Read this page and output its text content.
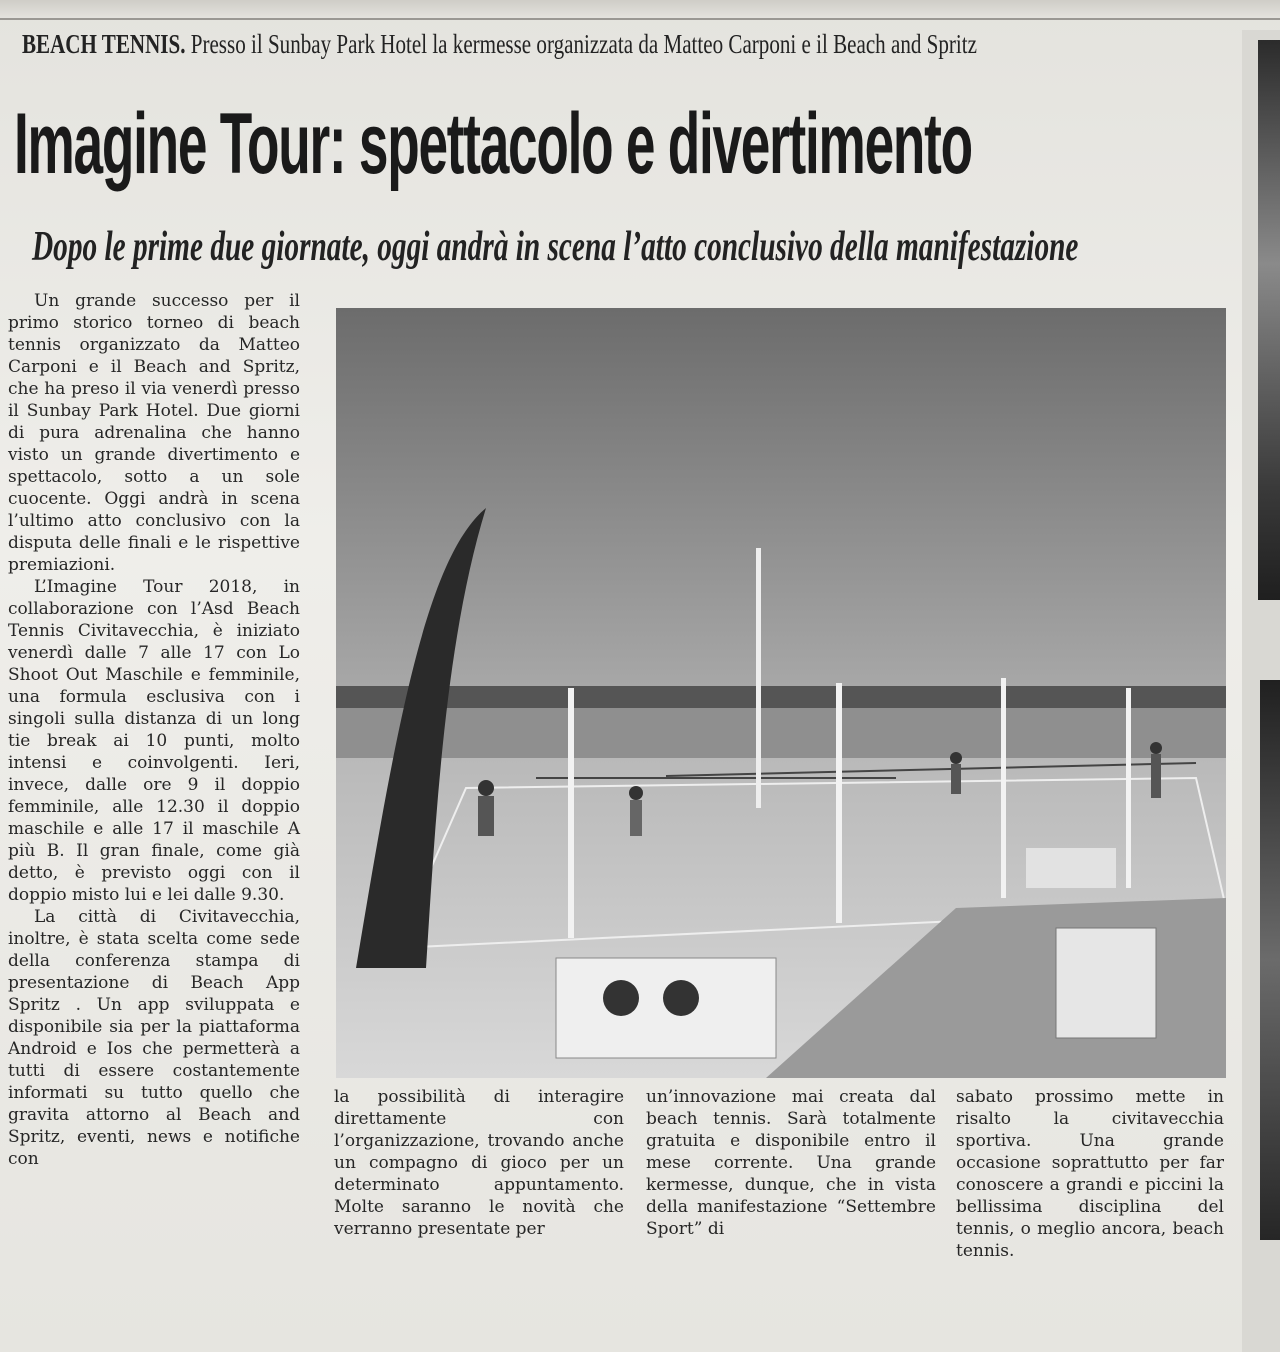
BEACH TENNIS. Presso il Sunbay Park Hotel la kermesse organizzata da Matteo Carponi e il Beach and Spritz
Imagine Tour: spettacolo e divertimento
Dopo le prime due giornate, oggi andrà in scena l’atto conclusivo della manifestazione

Un grande successo per il primo storico torneo di beach tennis organizzato da Matteo Carponi e il Beach and Spritz, che ha preso il via venerdì presso il Sunbay Park Hotel. Due giorni di pura adrenalina che hanno visto un grande divertimento e spettacolo, sotto a un sole cuocente. Oggi andrà in scena l’ultimo atto conclusivo con la disputa delle finali e le rispettive premiazioni.

L’Imagine Tour 2018, in collaborazione con l’Asd Beach Tennis Civitavecchia, è iniziato venerdì dalle 7 alle 17 con Lo Shoot Out Maschile e femminile, una formula esclusiva con i singoli sulla distanza di un long tie break ai 10 punti, molto intensi e coinvolgenti. Ieri, invece, dalle ore 9 il doppio femminile, alle 12.30 il doppio maschile e alle 17 il maschile A più B. Il gran finale, come già detto, è previsto oggi con il doppio misto lui e lei dalle 9.30.

La città di Civitavecchia, inoltre, è stata scelta come sede della conferenza stampa di presentazione di Beach App Spritz . Un app sviluppata e disponibile sia per la piattaforma Android e Ios che permetterà a tutti di essere costantemente informati su tutto quello che gravita attorno al Beach and Spritz, eventi, news e notifiche con

la possibilità di interagire direttamente con l’organizzazione, trovando anche un compagno di gioco per un determinato appuntamento. Molte saranno le novità che verranno presentate per

un’innovazione mai creata dal beach tennis. Sarà totalmente gratuita e disponibile entro il mese corrente. Una grande kermesse, dunque, che in vista della manifestazione “Settembre Sport” di

sabato prossimo mette in risalto la civitavecchia sportiva. Una grande occasione soprattutto per far conoscere a grandi e piccini la bellissima disciplina del tennis, o meglio ancora, beach tennis.
